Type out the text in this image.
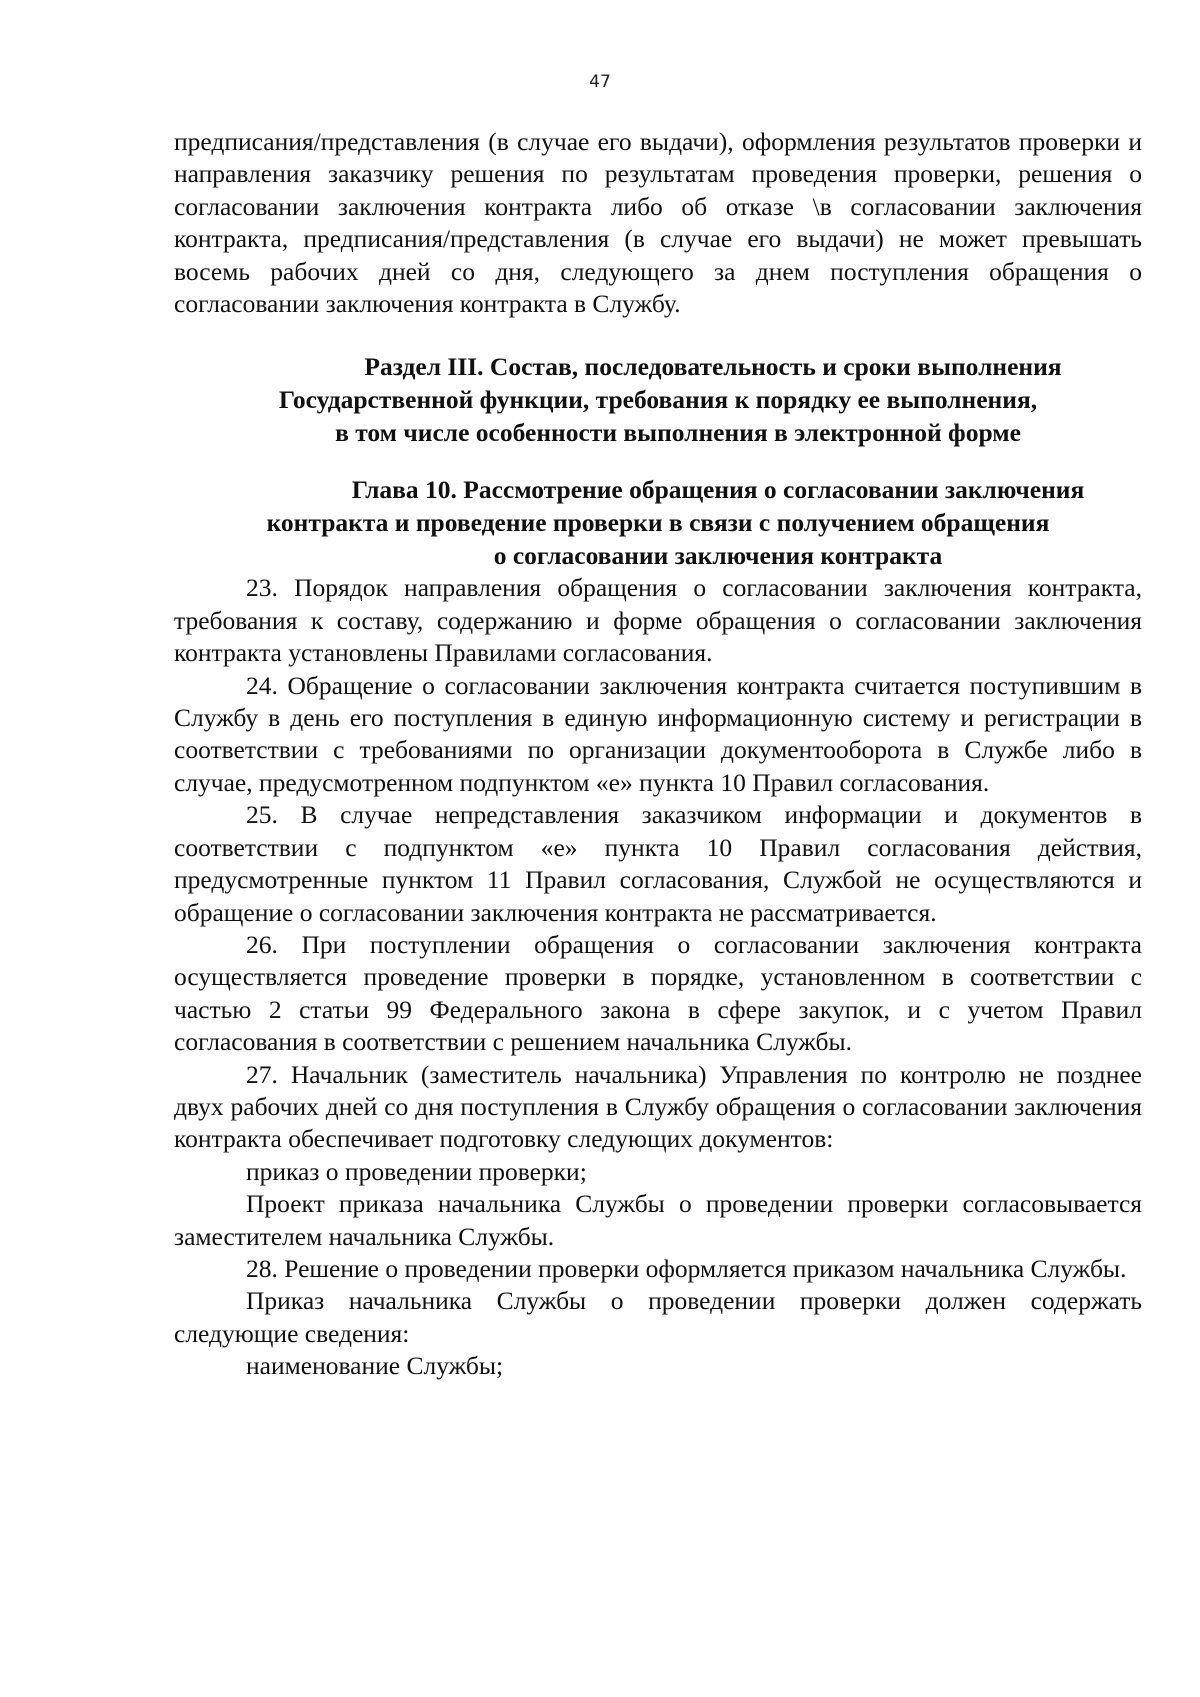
47

предписания/представления (в случае его выдачи), оформления результатов проверки и направления заказчику решения по результатам проведения проверки, решения о согласовании заключения контракта либо об отказе \в согласовании заключения контракта, предписания/представления (в случае его выдачи) не может превышать восемь рабочих дней со дня, следующего за днем поступления обращения о согласовании заключения контракта в Службу.

Раздел III. Состав, последовательность и сроки выполнения
Государственной функции, требования к порядку ее выполнения,
в том числе особенности выполнения в электронной форме
Глава 10. Рассмотрение обращения о согласовании заключения
контракта и проведение проверки в связи с получением обращения
о согласовании заключения контракта

23. Порядок направления обращения о согласовании заключения контракта, требования к составу, содержанию и форме обращения о согласовании заключения контракта установлены Правилами согласования.

24. Обращение о согласовании заключения контракта считается поступившим в Службу в день его поступления в единую информационную систему и регистрации в соответствии с требованиями по организации документооборота в Службе либо в случае, предусмотренном подпунктом «е» пункта 10 Правил согласования.

25. В случае непредставления заказчиком информации и документов в соответствии с подпунктом «е» пункта 10 Правил согласования действия, предусмотренные пунктом 11 Правил согласования, Службой не осуществляются и обращение о согласовании заключения контракта не рассматривается.

26. При поступлении обращения о согласовании заключения контракта осуществляется проведение проверки в порядке, установленном в соответствии с частью 2 статьи 99 Федерального закона в сфере закупок, и с учетом Правил согласования в соответствии с решением начальника Службы.

27. Начальник (заместитель начальника) Управления по контролю не позднее двух рабочих дней со дня поступления в Службу обращения о согласовании заключения контракта обеспечивает подготовку следующих документов:

приказ о проведении проверки;

Проект приказа начальника Службы о проведении проверки согласовывается заместителем начальника Службы.

28. Решение о проведении проверки оформляется приказом начальника Службы.

Приказ начальника Службы о проведении проверки должен содержать следующие сведения:

наименование Службы;
